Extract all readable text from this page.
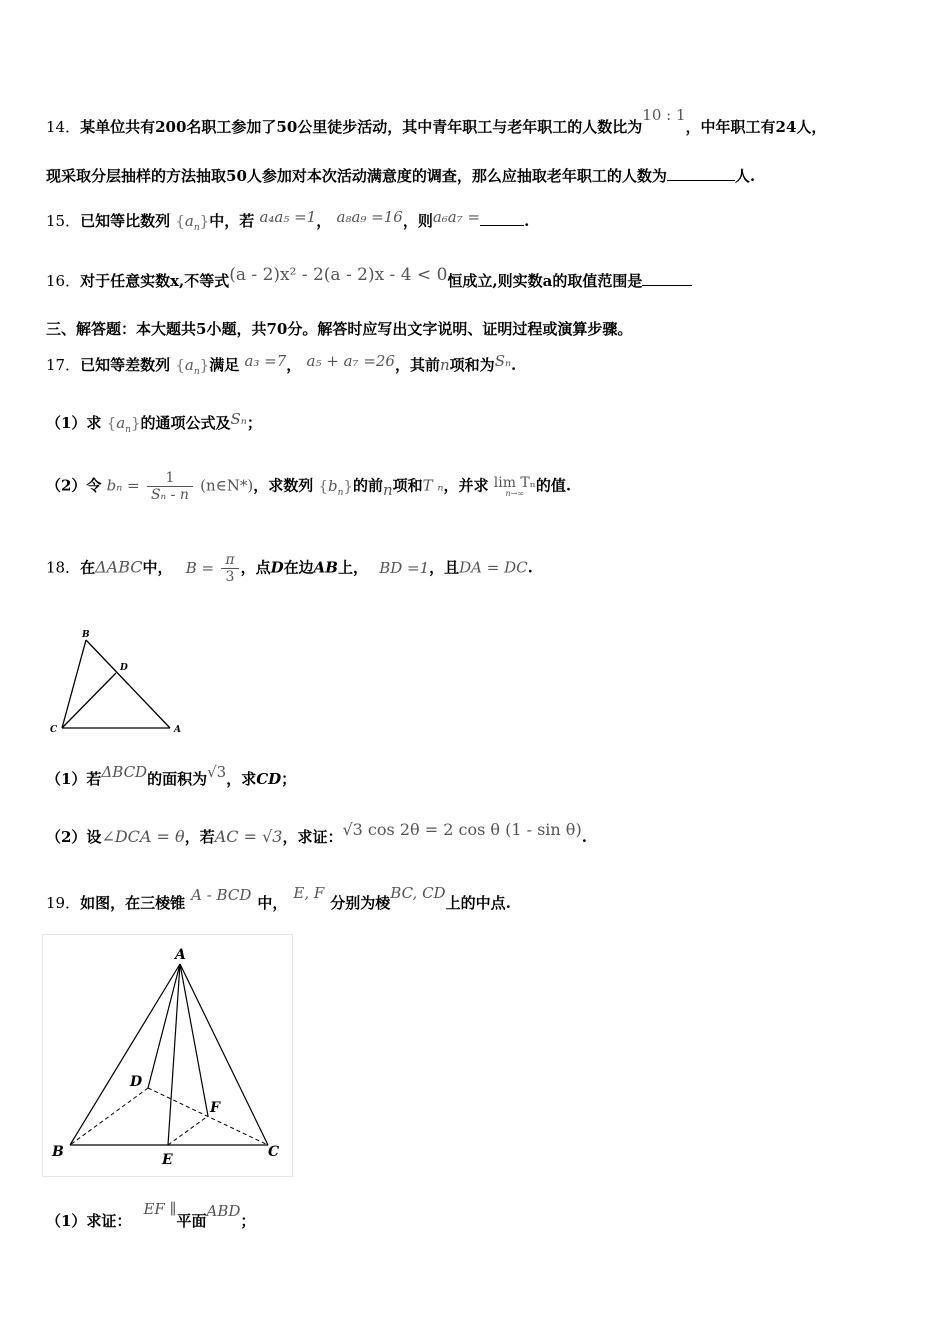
14．某单位共有200名职工参加了50公里徒步活动，其中青年职工与老年职工的人数比为10 : 1，中年职工有24人，
现采取分层抽样的方法抽取50人参加对本次活动满意度的调查，那么应抽取老年职工的人数为	人.
15．已知等比数列 $\{a_n\}$中，若 a₄a₅ =1， a₈a₉ =16，则a₆a₇ =	.
16．对于任意实数x,不等式(a - 2)x² - 2(a - 2)x - 4 < 0恒成立,则实数a的取值范围是
三、解答题：本大题共5小题，共70分。解答时应写出文字说明、证明过程或演算步骤。
17．已知等差数列 $\{a_n\}$满足 a₃ =7， a₅ + a₇ =26，其前n项和为Sₙ.
（1）求 $\{a_n\}$的通项公式及Sₙ；
（2）令 $b_n = \frac{1}{\text{Sₙ - n}}$ (n∈N*)，求数列 $\{b_n\}$的前n项和T ₙ，并求 lim Tₙ
n→∞ 的值.
18．在ΔABC中， $B = \frac{\pi}{3}$ ，点D在边AB上， BD =1，且DA = DC.
B
D
C	A
（1）若ΔBCD的面积为√3，求CD；
（2）设∠DCA = θ，若AC = √3，求证：√3 cos 2θ = 2 cos θ (1 - sin θ).
19．如图，在三棱锥 A - BCD 中，E, F分别为棱BC, CD上的中点.
A
D
F
B	E	C
（1）求证：EF ∥平面ABD；
